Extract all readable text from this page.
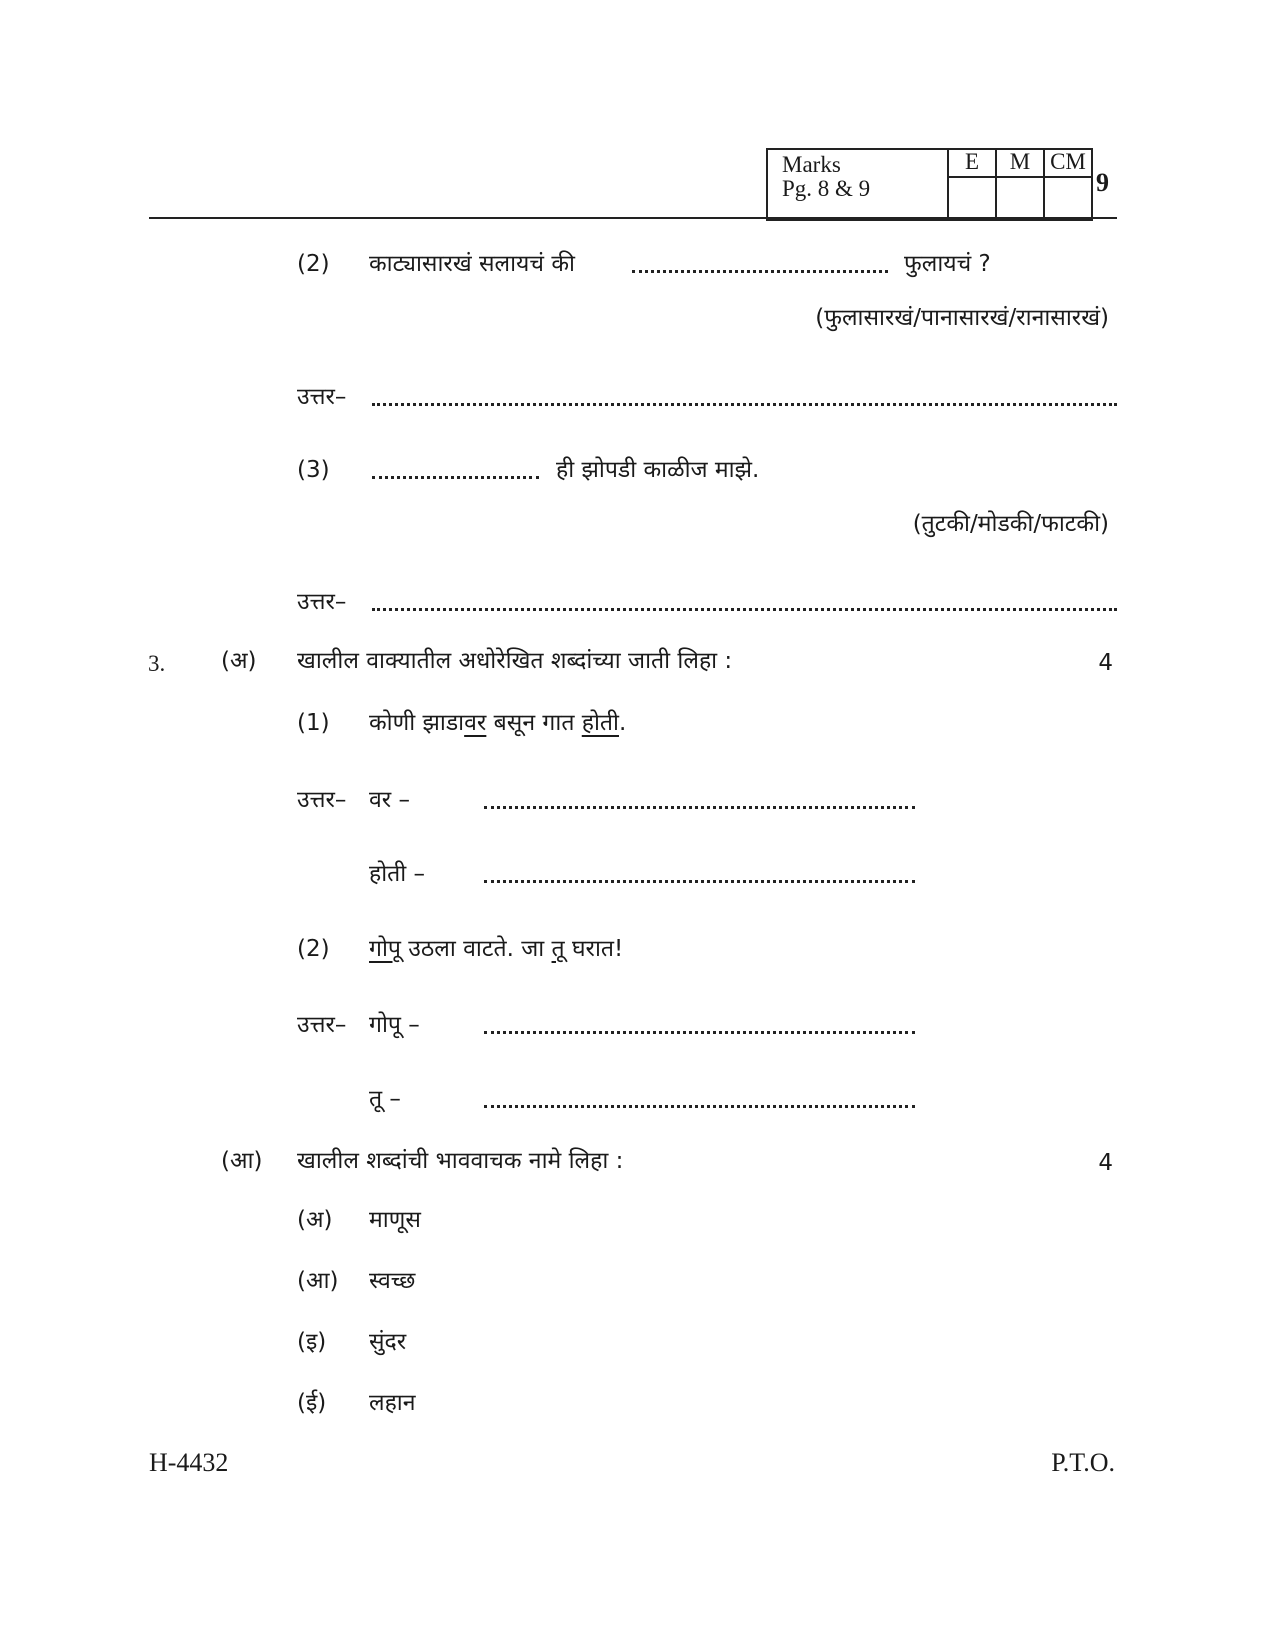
Marks
Pg. 8 & 9	E	M	CM

9
(2) काट्यासारखं सलायचं की	फुलायचं ?
(फुलासारखं/पानासारखं/रानासारखं)
उत्तर–
(3)	ही झोपडी काळीज माझे.
(तुटकी/मोडकी/फाटकी)
उत्तर–
3. (अ) खालील वाक्यातील अधोरेखित शब्दांच्या जाती लिहा :	4
(1) कोणी झाडावर बसून गात होती.
उत्तर– वर –
होती –
(2) गोपू उठला वाटते. जा तू घरात!
उत्तर– गोपू –
तू –
(आ) खालील शब्दांची भाववाचक नामे लिहा :	4
(अ) माणूस
(आ) स्वच्छ
(इ) सुंदर
(ई) लहान
H-4432	P.T.O.
